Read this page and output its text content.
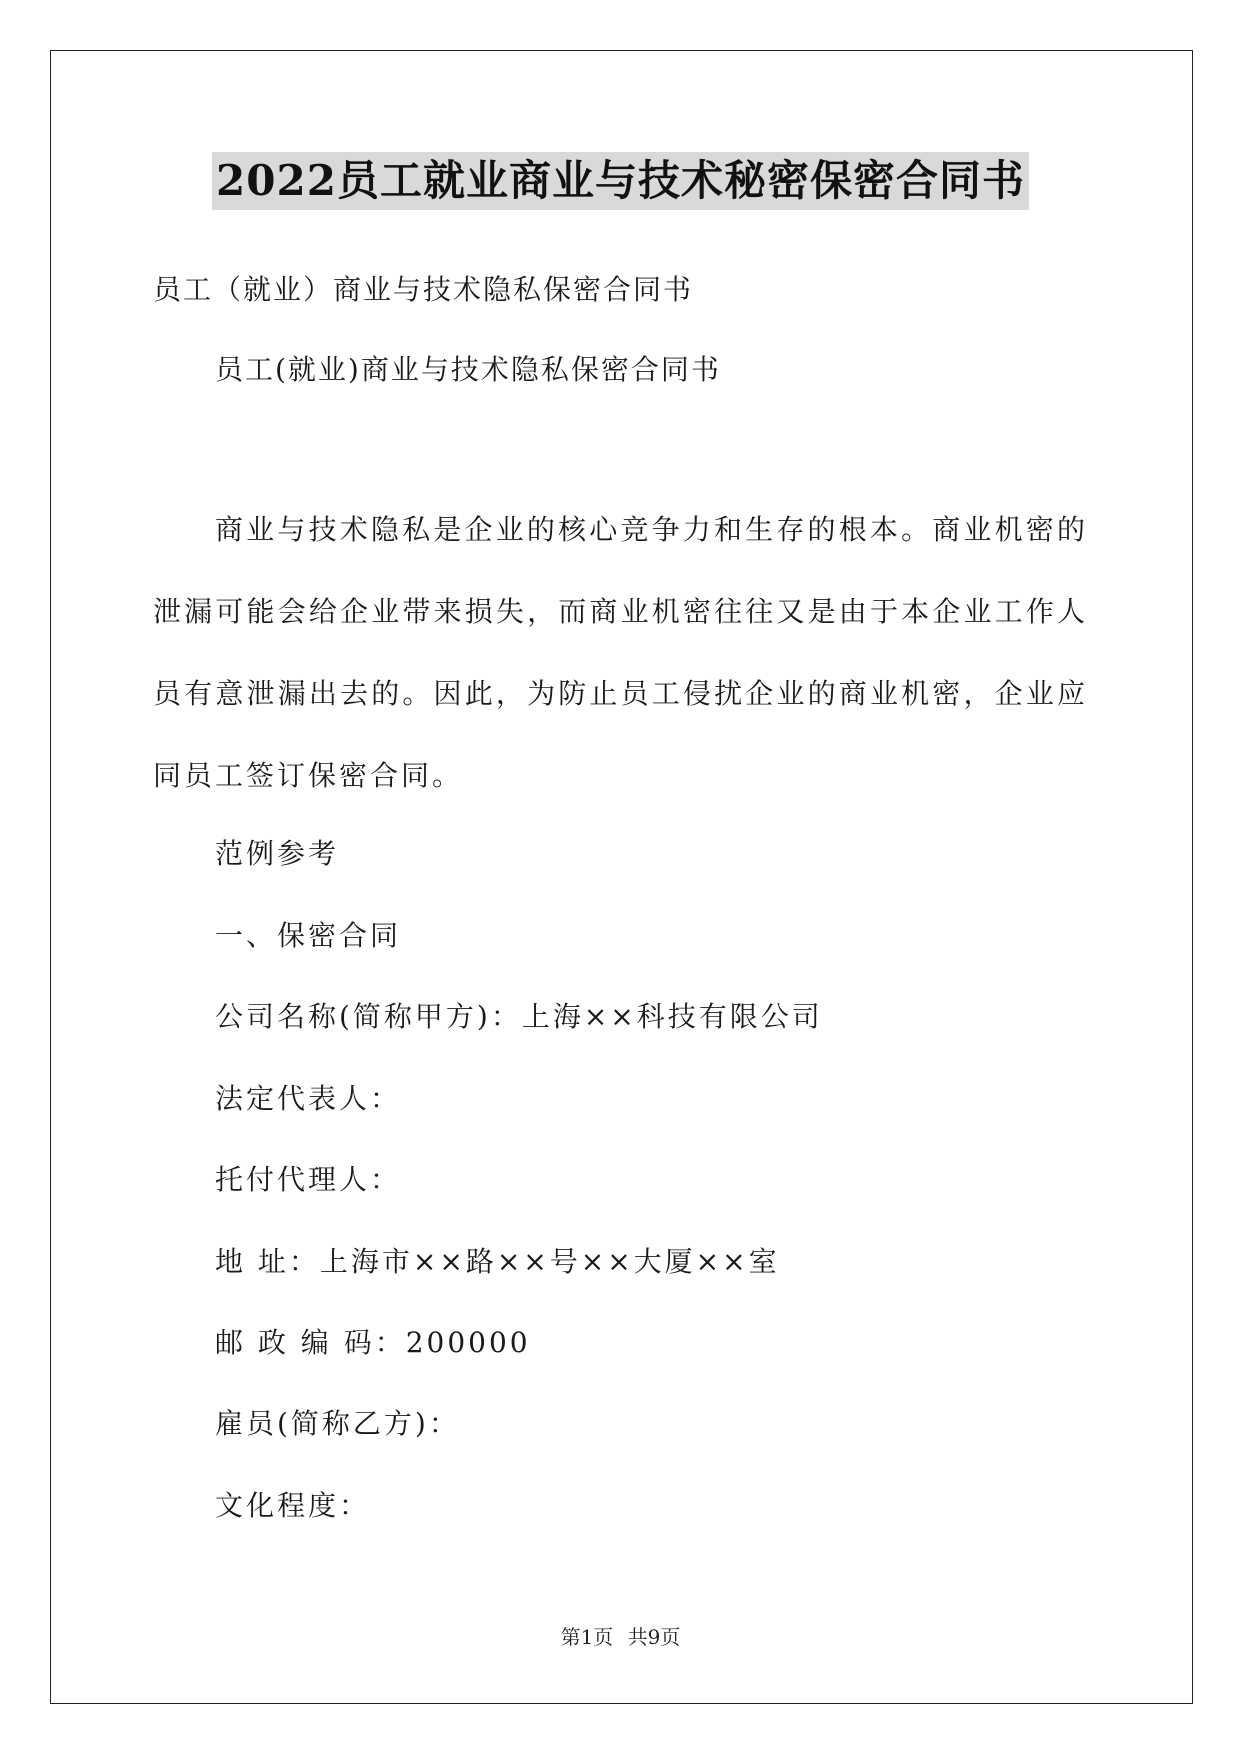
2022员工就业商业与技术秘密保密合同书
员工（就业）商业与技术隐私保密合同书
员工(就业)商业与技术隐私保密合同书
商业与技术隐私是企业的核心竞争力和生存的根本。商业机密的泄漏可能会给企业带来损失，而商业机密往往又是由于本企业工作人员有意泄漏出去的。因此，为防止员工侵扰企业的商业机密，企业应同员工签订保密合同。
范例参考
一、保密合同
公司名称(简称甲方)：上海××科技有限公司
法定代表人：
托付代理人：
地 址：上海市××路××号××大厦××室
邮 政 编 码：200000
雇员(简称乙方)：
文化程度：
第1页 共9页
